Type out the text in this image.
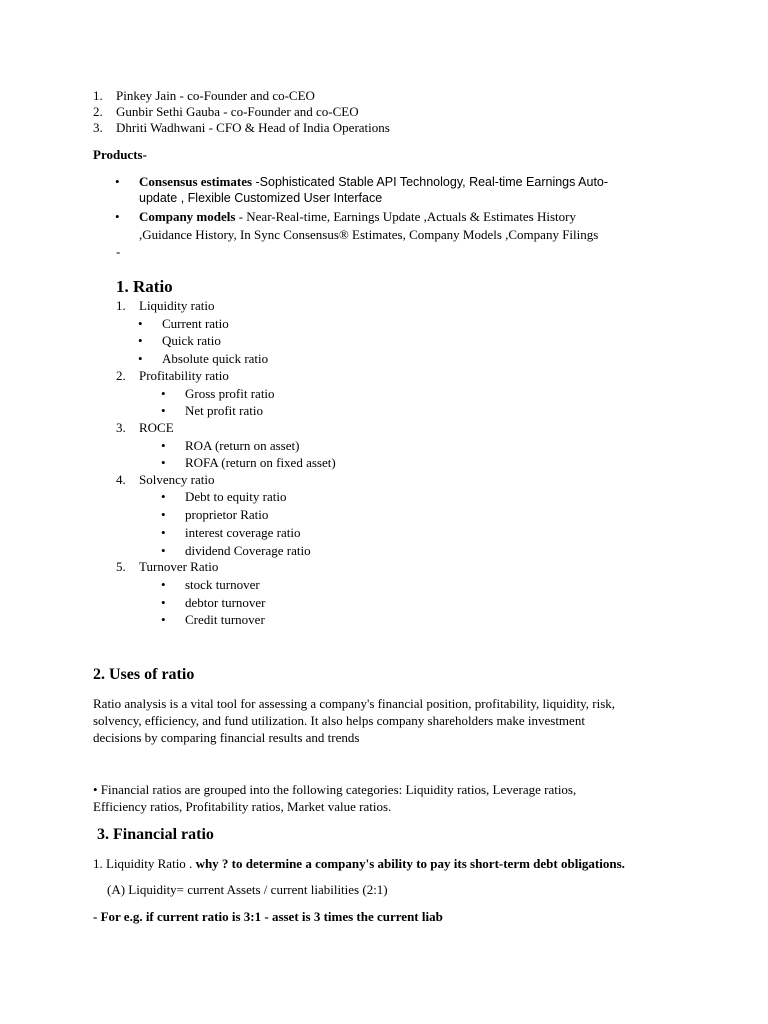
1. Pinkey Jain - co-Founder and co-CEO
2. Gunbir Sethi Gauba - co-Founder and co-CEO
3. Dhriti Wadhwani - CFO & Head of India Operations
Products-
• Consensus estimates -Sophisticated Stable API Technology, Real-time Earnings Auto-
update , Flexible Customized User Interface
• Company models - Near-Real-time, Earnings Update ,Actuals & Estimates History
,Guidance History, In Sync Consensus® Estimates, Company Models ,Company Filings
-
1. Ratio
1. Liquidity ratio
• Current ratio
• Quick ratio
• Absolute quick ratio
2. Profitability ratio
• Gross profit ratio
• Net profit ratio
3. ROCE
• ROA (return on asset)
• ROFA (return on fixed asset)
4. Solvency ratio
• Debt to equity ratio
• proprietor Ratio
• interest coverage ratio
• dividend Coverage ratio
5. Turnover Ratio
• stock turnover
• debtor turnover
• Credit turnover
2. Uses of ratio
Ratio analysis is a vital tool for assessing a company's financial position, profitability, liquidity, risk,
solvency, efficiency, and fund utilization. It also helps company shareholders make investment
decisions by comparing financial results and trends
• Financial ratios are grouped into the following categories: Liquidity ratios, Leverage ratios,
Efficiency ratios, Profitability ratios, Market value ratios.
3. Financial ratio
1. Liquidity Ratio . why ? to determine a company's ability to pay its short-term debt obligations.
(A) Liquidity= current Assets / current liabilities (2:1)
- For e.g. if current ratio is 3:1 - asset is 3 times the current liab
